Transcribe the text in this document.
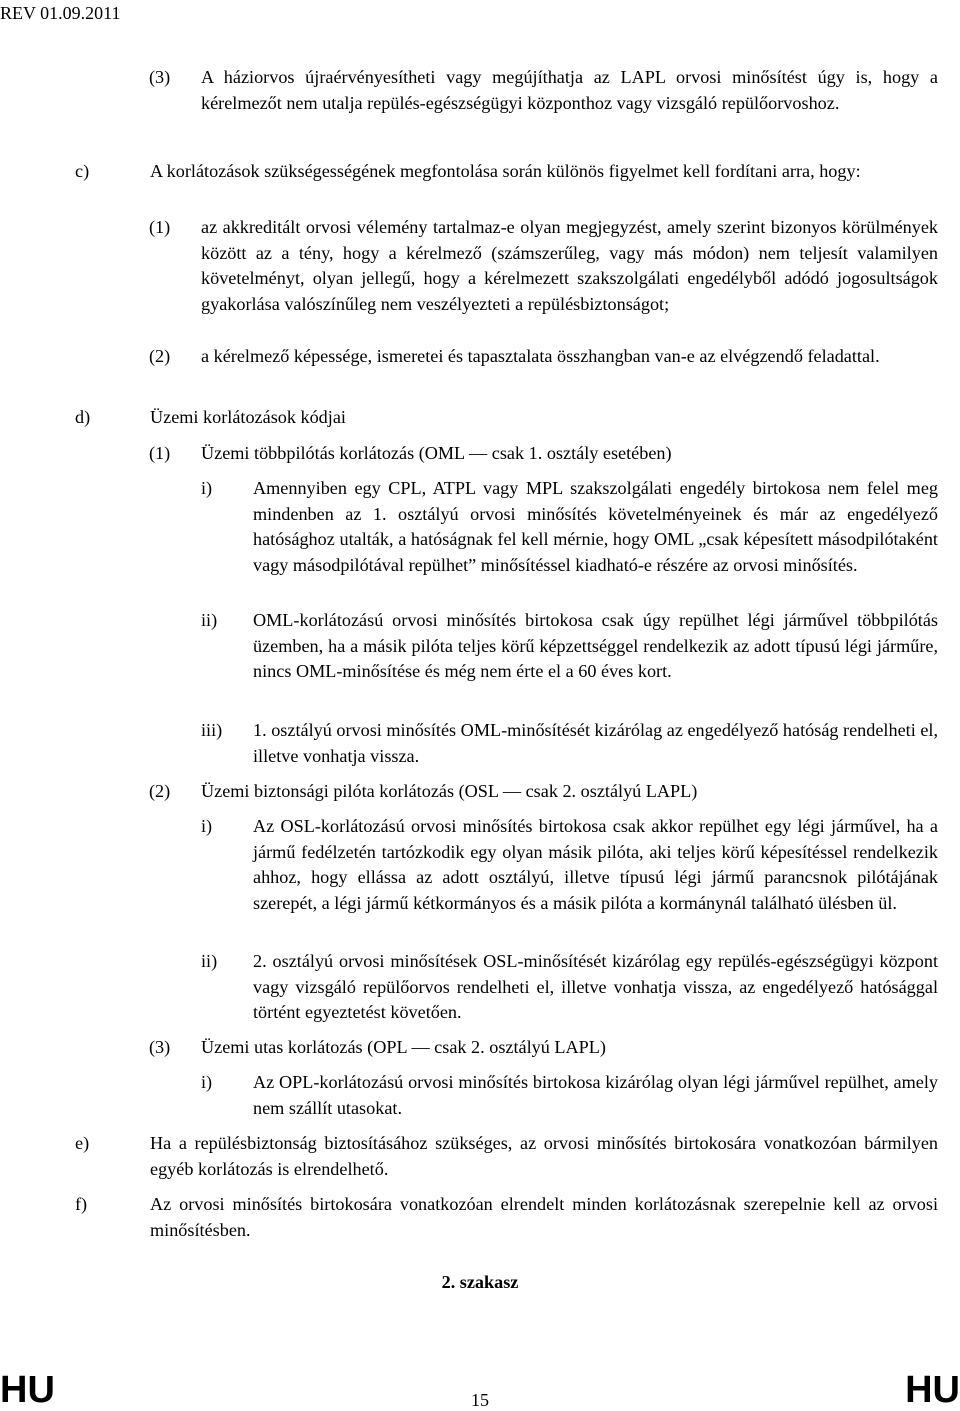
REV 01.09.2011
(3) A háziorvos újraérvényesítheti vagy megújíthatja az LAPL orvosi minősítést úgy is, hogy a kérelmezőt nem utalja repülés-egészségügyi központhoz vagy vizsgáló repülőorvoshoz.

c)	A korlátozások szükségességének megfontolása során különös figyelmet kell fordítani arra, hogy:

(1) az akkreditált orvosi vélemény tartalmaz-e olyan megjegyzést, amely szerint bizonyos körülmények között az a tény, hogy a kérelmező (számszerűleg, vagy más módon) nem teljesít valamilyen követelményt, olyan jellegű, hogy a kérelmezett szakszolgálati engedélyből adódó jogosultságok gyakorlása valószínűleg nem veszélyezteti a repülésbiztonságot;

(2) a kérelmező képessége, ismeretei és tapasztalata összhangban van-e az elvégzendő feladattal.

d)	Üzemi korlátozások kódjai

(1) Üzemi többpilótás korlátozás (OML — csak 1. osztály esetében)

i) Amennyiben egy CPL, ATPL vagy MPL szakszolgálati engedély birtokosa nem felel meg mindenben az 1. osztályú orvosi minősítés követelményeinek és már az engedélyező hatósághoz utalták, a hatóságnak fel kell mérnie, hogy OML „csak képesített másodpilótaként vagy másodpilótával repülhet” minősítéssel kiadható-e részére az orvosi minősítés.

ii) OML-korlátozású orvosi minősítés birtokosa csak úgy repülhet légi járművel többpilótás üzemben, ha a másik pilóta teljes körű képzettséggel rendelkezik az adott típusú légi járműre, nincs OML-minősítése és még nem érte el a 60 éves kort.

iii) 1. osztályú orvosi minősítés OML-minősítését kizárólag az engedélyező hatóság rendelheti el, illetve vonhatja vissza.

(2) Üzemi biztonsági pilóta korlátozás (OSL — csak 2. osztályú LAPL)

i) Az OSL-korlátozású orvosi minősítés birtokosa csak akkor repülhet egy légi járművel, ha a jármű fedélzetén tartózkodik egy olyan másik pilóta, aki teljes körű képesítéssel rendelkezik ahhoz, hogy ellássa az adott osztályú, illetve típusú légi jármű parancsnok pilótájának szerepét, a légi jármű kétkormányos és a másik pilóta a kormánynál található ülésben ül.

ii) 2. osztályú orvosi minősítések OSL-minősítését kizárólag egy repülés-egészségügyi központ vagy vizsgáló repülőorvos rendelheti el, illetve vonhatja vissza, az engedélyező hatósággal történt egyeztetést követően.

(3) Üzemi utas korlátozás (OPL — csak 2. osztályú LAPL)

i) Az OPL-korlátozású orvosi minősítés birtokosa kizárólag olyan légi járművel repülhet, amely nem szállít utasokat.

e)	Ha a repülésbiztonság biztosításához szükséges, az orvosi minősítés birtokosára vonatkozóan bármilyen egyéb korlátozás is elrendelhető.

f)	Az orvosi minősítés birtokosára vonatkozóan elrendelt minden korlátozásnak szerepelnie kell az orvosi minősítésben.

2. szakasz
HU	15	HU
